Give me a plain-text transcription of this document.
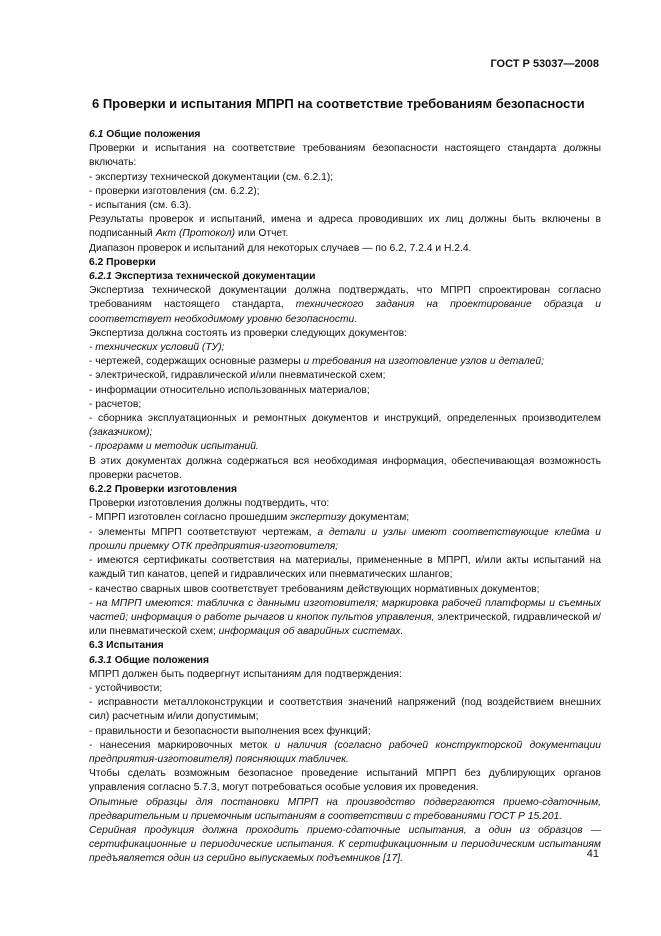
ГОСТ Р 53037—2008
6 Проверки и испытания МПРП на соответствие требованиям безопасности

6.1 Общие положения

Проверки и испытания на соответствие требованиям безопасности настоящего стандарта должны включать:

- экспертизу технической документации (см. 6.2.1);

- проверки изготовления (см. 6.2.2);

- испытания (см. 6.3).

Результаты проверок и испытаний, имена и адреса проводивших их лиц должны быть включены в подписанный Акт (Протокол) или Отчет.

Диапазон проверок и испытаний для некоторых случаев — по 6.2, 7.2.4 и H.2.4.

6.2 Проверки

6.2.1 Экспертиза технической документации

Экспертиза технической документации должна подтверждать, что МПРП спроектирован согласно требованиям настоящего стандарта, технического задания на проектирование образца и соответствует необходимому уровню безопасности.

Экспертиза должна состоять из проверки следующих документов:

- технических условий (ТУ);

- чертежей, содержащих основные размеры и требования на изготовление узлов и деталей;

- электрической, гидравлической и/или пневматической схем;

- информации относительно использованных материалов;

- расчетов;

- сборника эксплуатационных и ремонтных документов и инструкций, определенных производителем (заказчиком);

- программ и методик испытаний.

В этих документах должна содержаться вся необходимая информация, обеспечивающая возможность проверки расчетов.

6.2.2 Проверки изготовления

Проверки изготовления должны подтвердить, что:

- МПРП изготовлен согласно прошедшим экспертизу документам;

- элементы МПРП соответствуют чертежам, а детали и узлы имеют соответствующие клейма и прошли приемку ОТК предприятия-изготовителя;

- имеются сертификаты соответствия на материалы, примененные в МПРП, и/или акты испытаний на каждый тип канатов, цепей и гидравлических или пневматических шлангов;

- качество сварных швов соответствует требованиям действующих нормативных документов;

- на МПРП имеются: табличка с данными изготовителя; маркировка рабочей платформы и съемных частей; информация о работе рычагов и кнопок пультов управления, электрической, гидравлической и/или пневматической схем; информация об аварийных системах.

6.3 Испытания

6.3.1 Общие положения

МПРП должен быть подвергнут испытаниям для подтверждения:

- устойчивости;

- исправности металлоконструкции и соответствия значений напряжений (под воздействием внешних сил) расчетным и/или допустимым;

- правильности и безопасности выполнения всех функций;

- нанесения маркировочных меток и наличия (согласно рабочей конструкторской документации предприятия-изготовителя) поясняющих табличек.

Чтобы сделать возможным безопасное проведение испытаний МПРП без дублирующих органов управления согласно 5.7.3, могут потребоваться особые условия их проведения.

Опытные образцы для постановки МПРП на производство подвергаются приемо-сдаточным, предварительным и приемочным испытаниям в соответствии с требованиями ГОСТ Р 15.201.

Серийная продукция должна проходить приемо-сдаточные испытания, а один из образцов — сертификационные и периодические испытания. К сертификационным и периодическим испытаниям предъявляется один из серийно выпускаемых подъемников [17].	41
